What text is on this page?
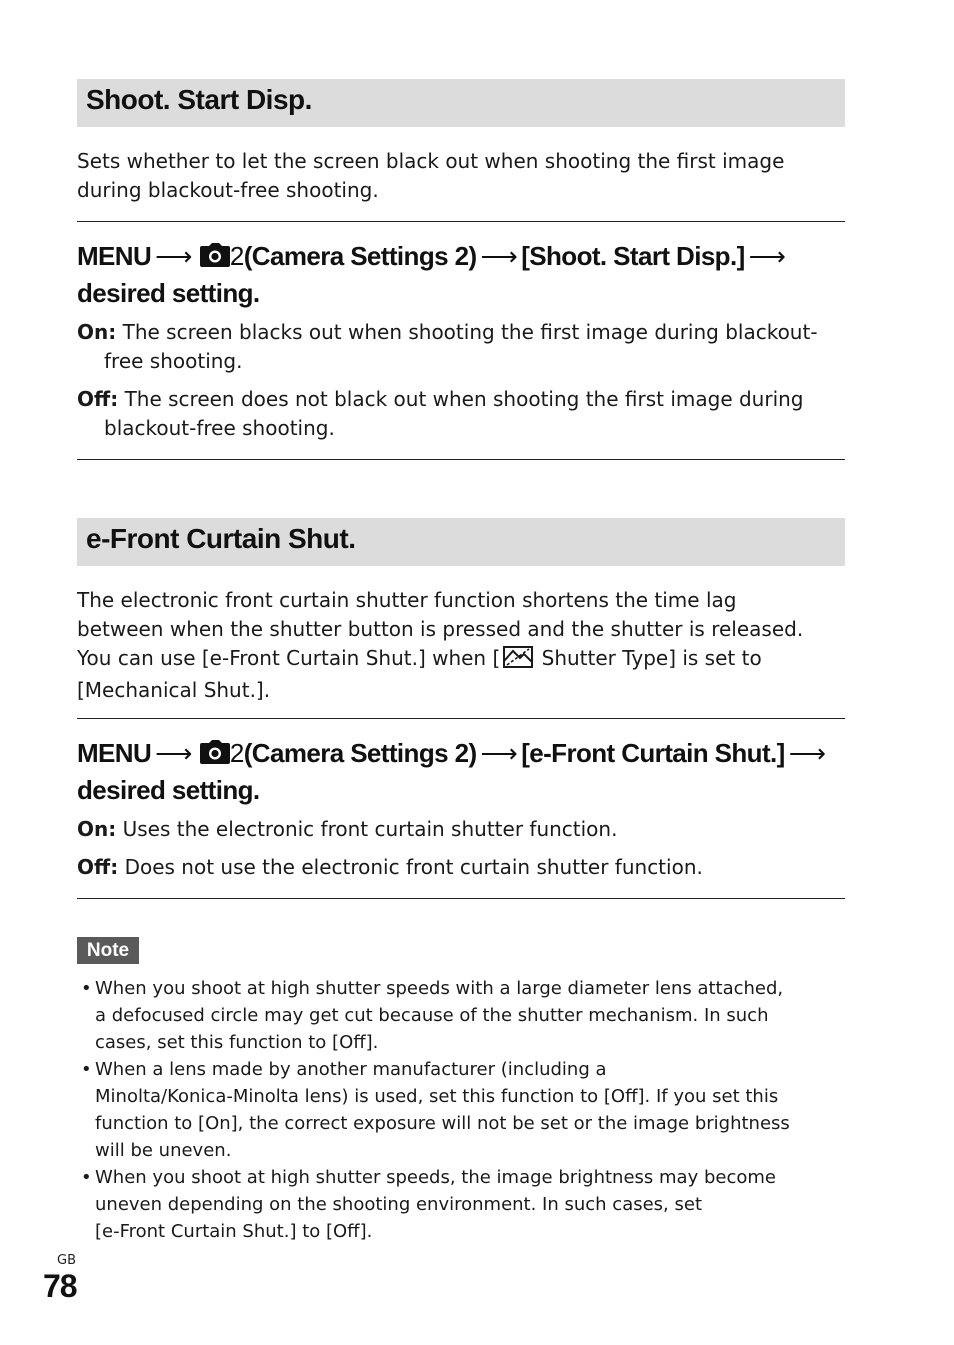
Shoot. Start Disp.

Sets whether to let the screen black out when shooting the first image

during blackout-free shooting.

MENU ⟶ 2(Camera Settings 2) ⟶ [Shoot. Start Disp.] ⟶
desired setting.
On: The screen blacks out when shooting the first image during blackout-
free shooting.
Off: The screen does not black out when shooting the first image during
blackout-free shooting.
e-Front Curtain Shut.

The electronic front curtain shutter function shortens the time lag

between when the shutter button is pressed and the shutter is released.

You can use [e-Front Curtain Shut.] when [ Shutter Type] is set to

[Mechanical Shut.].

MENU ⟶ 2(Camera Settings 2) ⟶ [e-Front Curtain Shut.] ⟶
desired setting.
On: Uses the electronic front curtain shutter function.
Off: Does not use the electronic front curtain shutter function.
Note
• When you shoot at high shutter speeds with a large diameter lens attached,
a defocused circle may get cut because of the shutter mechanism. In such
cases, set this function to [Off].
• When a lens made by another manufacturer (including a
Minolta/Konica-Minolta lens) is used, set this function to [Off]. If you set this
function to [On], the correct exposure will not be set or the image brightness
will be uneven.
• When you shoot at high shutter speeds, the image brightness may become
uneven depending on the shooting environment. In such cases, set
[e-Front Curtain Shut.] to [Off].
GB
78
